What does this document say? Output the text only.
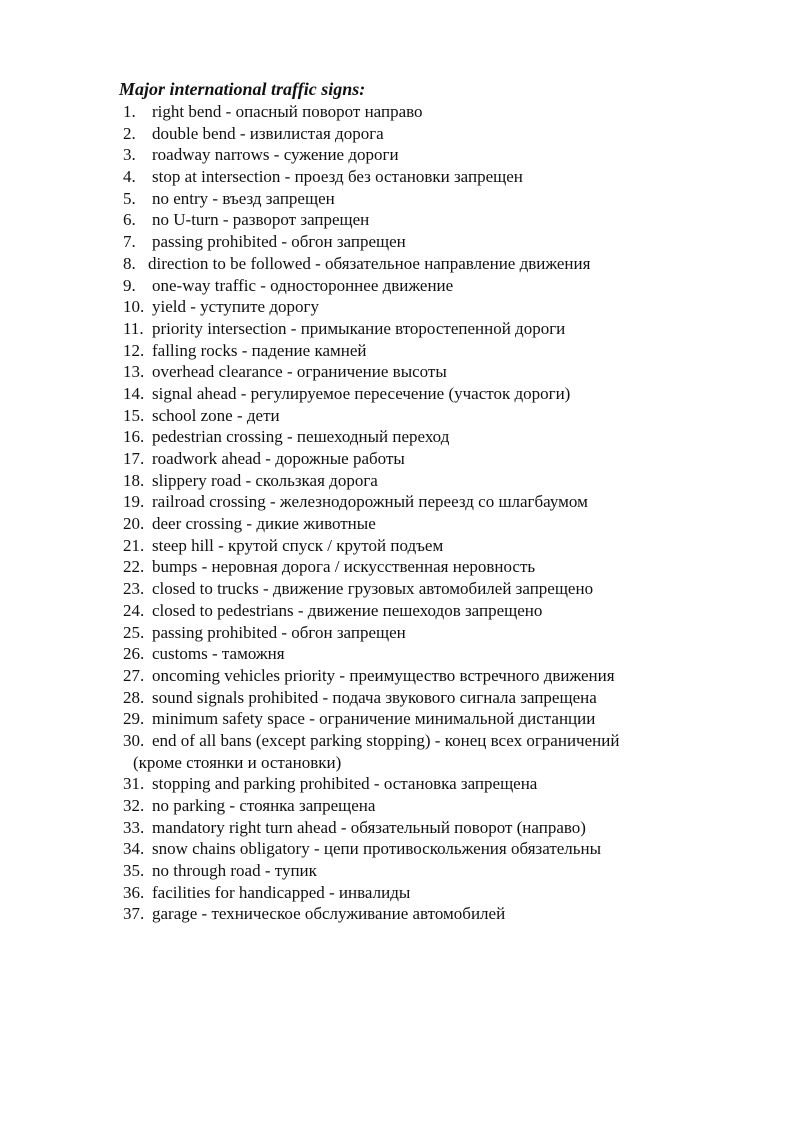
Major international traffic signs:
1. right bend - опасный поворот направо
2. double bend - извилистая дорога
3. roadway narrows - сужение дороги
4. stop at intersection - проезд без остановки запрещен
5. no entry - въезд запрещен
6. no U-turn - разворот запрещен
7. passing prohibited - обгон запрещен
8. direction to be followed - обязательное направление движения
9. one-way traffic - одностороннее движение
10. yield - уступите дорогу
11. priority intersection - примыкание второстепенной дороги
12. falling rocks - падение камней
13. overhead clearance - ограничение высоты
14. signal ahead - регулируемое пересечение (участок дороги)
15. school zone - дети
16. pedestrian crossing - пешеходный переход
17. roadwork ahead - дорожные работы
18. slippery road - скользкая дорога
19. railroad crossing - железнодорожный переезд со шлагбаумом
20. deer crossing - дикие животные
21. steep hill - крутой спуск / крутой подъем
22. bumps - неровная дорога / искусственная неровность
23. closed to trucks - движение грузовых автомобилей запрещено
24. closed to pedestrians - движение пешеходов запрещено
25. passing prohibited - обгон запрещен
26. customs - таможня
27. oncoming vehicles priority - преимущество встречного движения
28. sound signals prohibited - подача звукового сигнала запрещена
29. minimum safety space - ограничение минимальной дистанции
30. end of all bans (except parking stopping) - конец всех ограничений
(кроме стоянки и остановки)
31. stopping and parking prohibited - остановка запрещена
32. no parking - стоянка запрещена
33. mandatory right turn ahead - обязательный поворот (направо)
34. snow chains obligatory - цепи противоскольжения обязательны
35. no through road - тупик
36. facilities for handicapped - инвалиды
37. garage - техническое обслуживание автомобилей
